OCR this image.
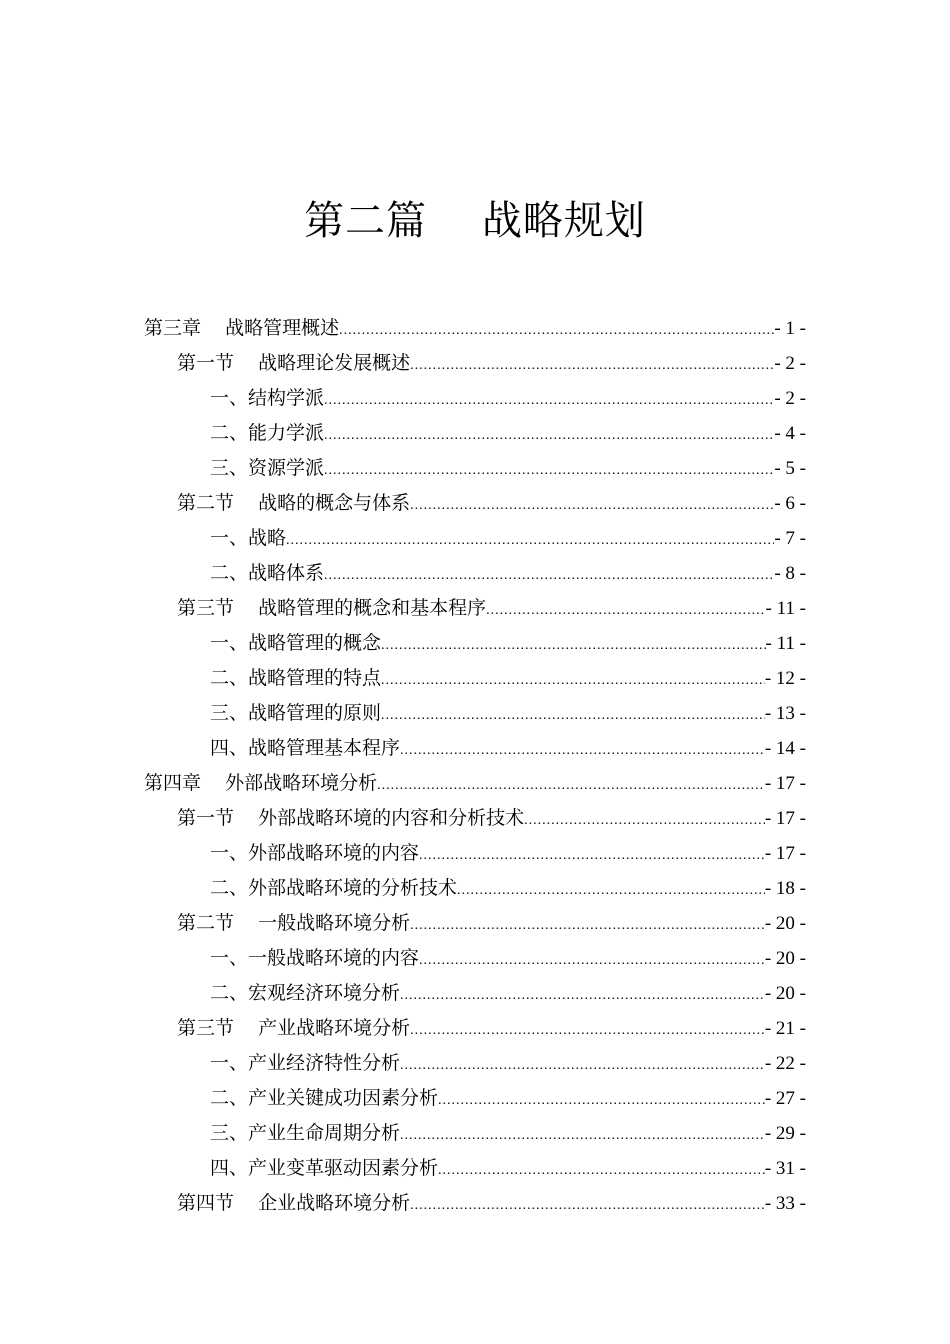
第二篇    战略规划
第三章    战略管理概述 .....	- 1 -
第一节    战略理论发展概述 .....	- 2 -
一、结构学派 .....	- 2 -
二、能力学派 .....	- 4 -
三、资源学派 .....	- 5 -
第二节    战略的概念与体系 .....	- 6 -
一、战略 .....	- 7 -
二、战略体系 .....	- 8 -
第三节    战略管理的概念和基本程序 .....	- 11 -
一、战略管理的概念 .....	- 11 -
二、战略管理的特点 .....	- 12 -
三、战略管理的原则 .....	- 13 -
四、战略管理基本程序 .....	- 14 -
第四章    外部战略环境分析 .....	- 17 -
第一节    外部战略环境的内容和分析技术 .....	- 17 -
一、外部战略环境的内容 .....	- 17 -
二、外部战略环境的分析技术 .....	- 18 -
第二节    一般战略环境分析 .....	- 20 -
一、一般战略环境的内容 .....	- 20 -
二、宏观经济环境分析 .....	- 20 -
第三节    产业战略环境分析 .....	- 21 -
一、产业经济特性分析 .....	- 22 -
二、产业关键成功因素分析 .....	- 27 -
三、产业生命周期分析 .....	- 29 -
四、产业变革驱动因素分析 .....	- 31 -
第四节    企业战略环境分析 .....	- 33 -
